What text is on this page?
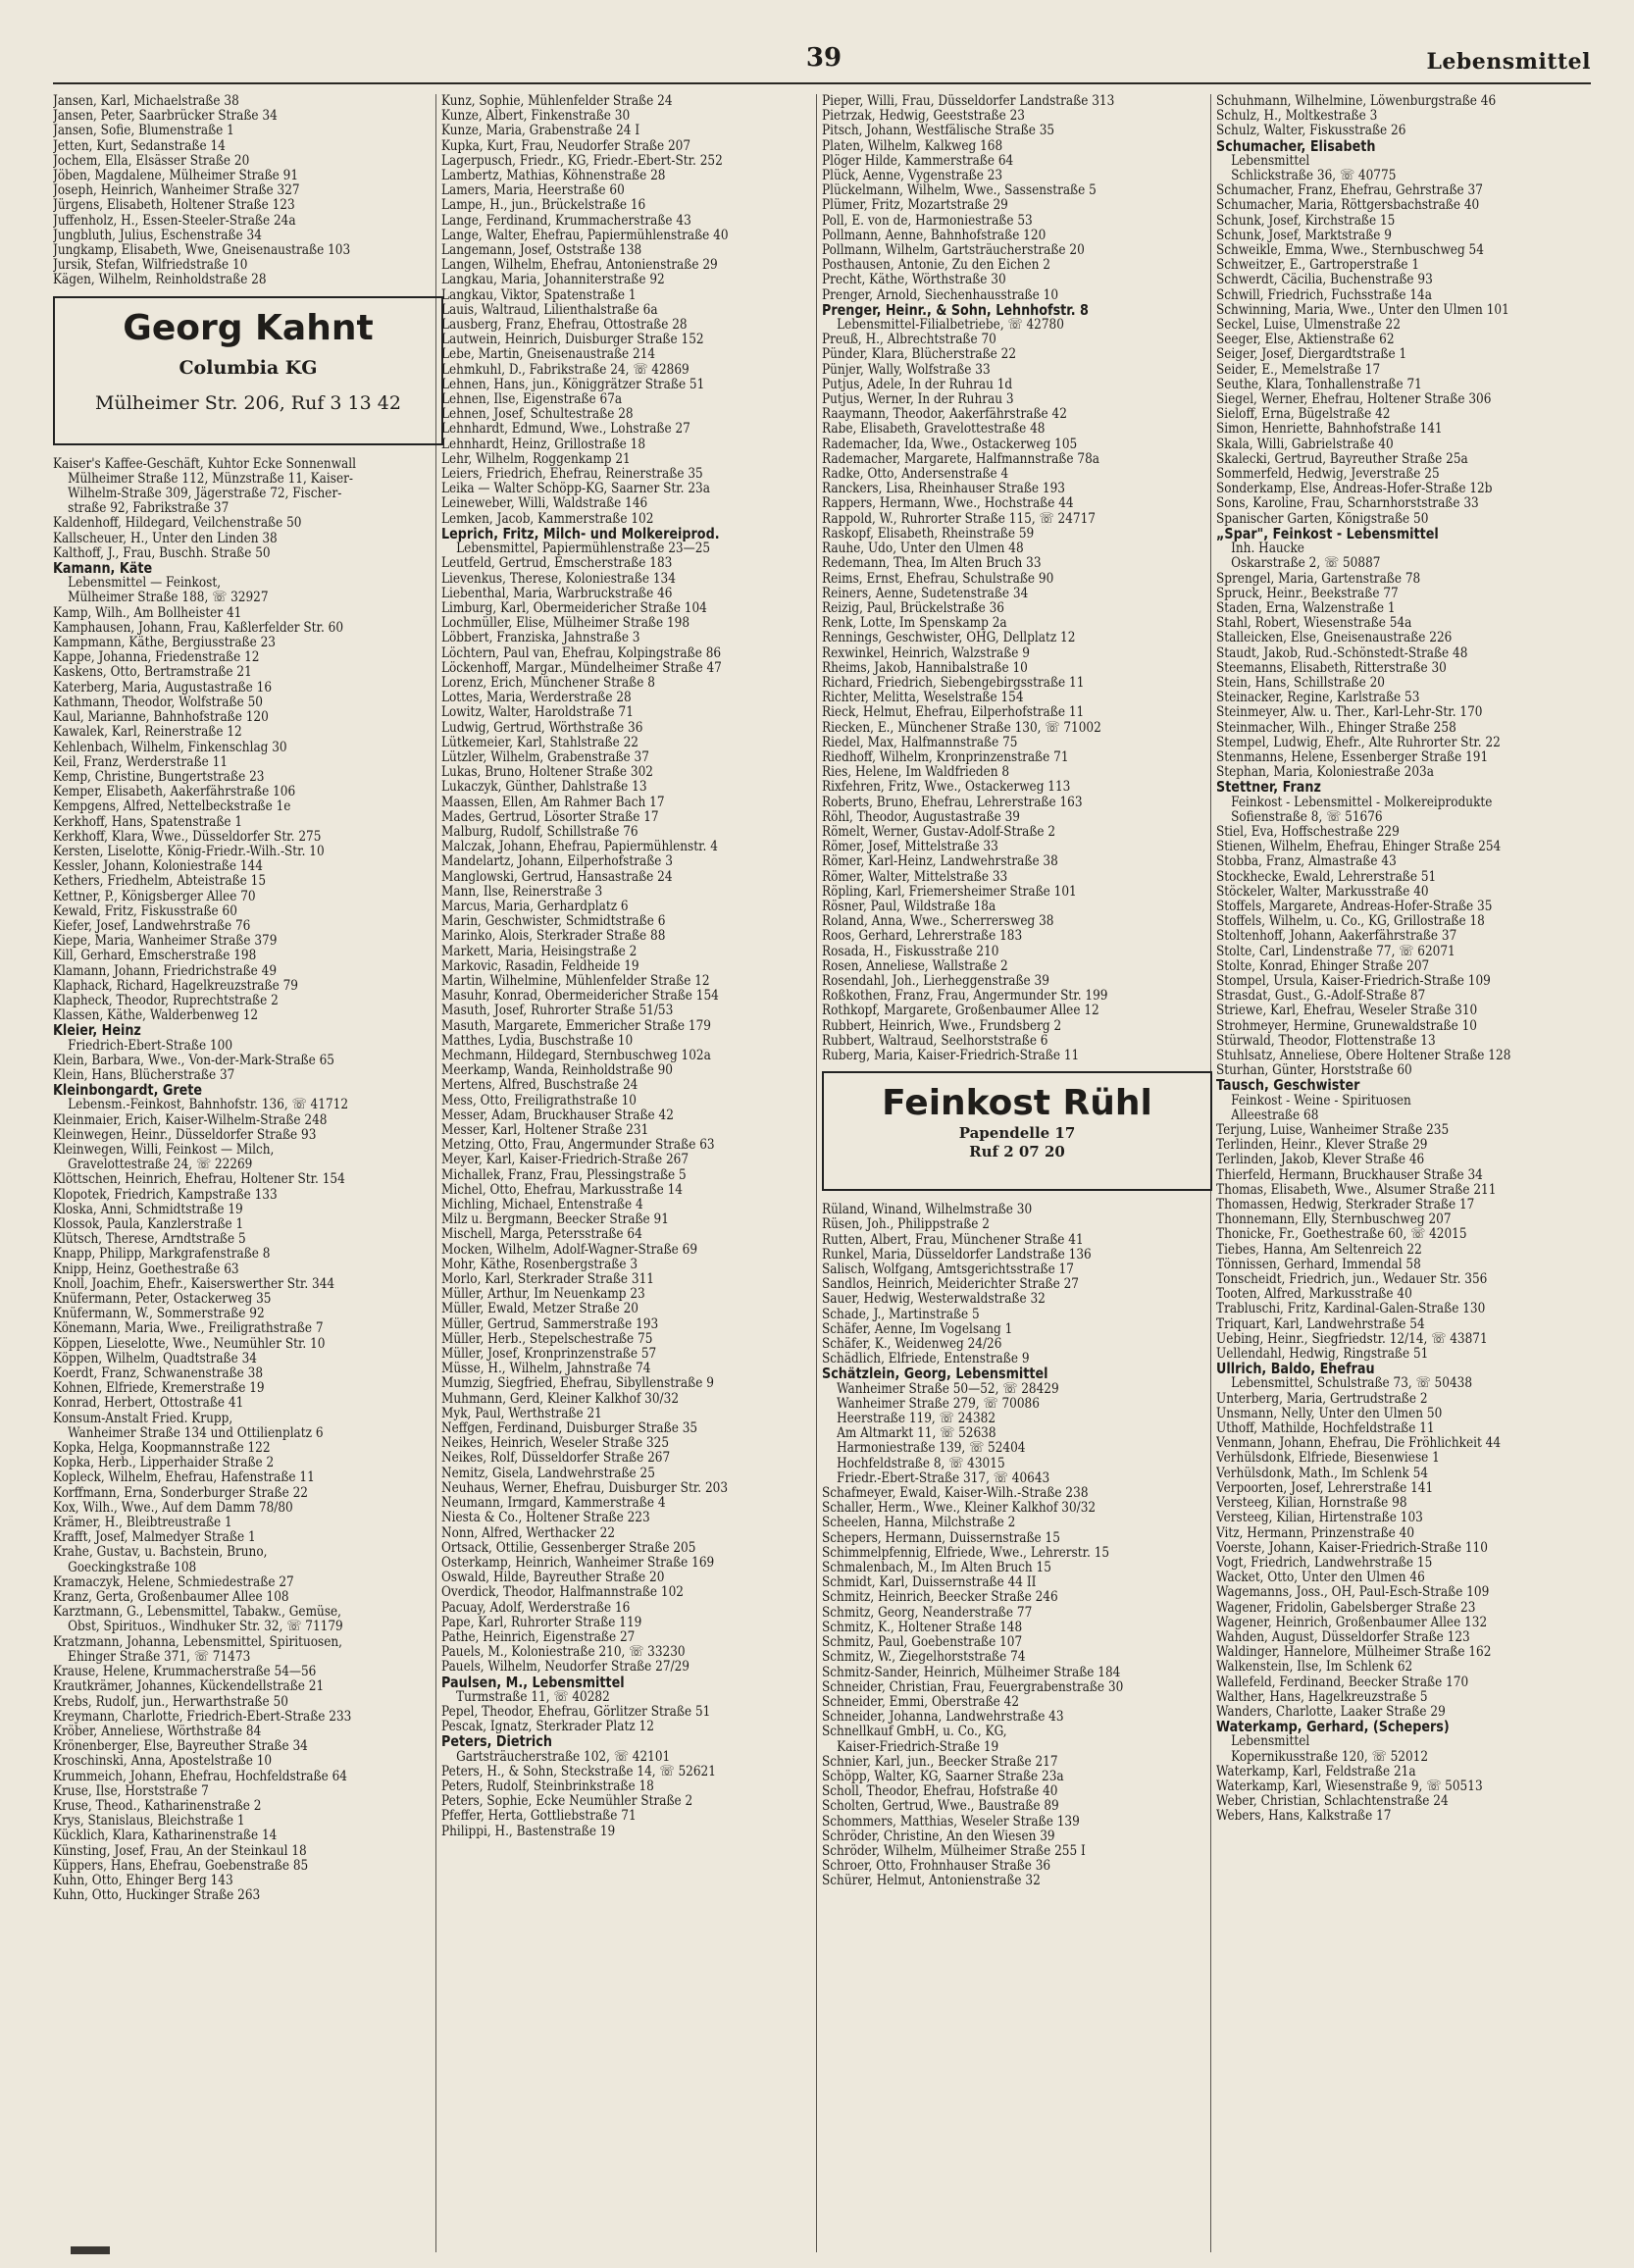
39	Lebensmittel
Jansen, Karl, Michaelstraße 38
Jansen, Peter, Saarbrücker Straße 34
Jansen, Sofie, Blumenstraße 1
Jetten, Kurt, Sedanstraße 14
Jochem, Ella, Elsässer Straße 20
Jöben, Magdalene, Mülheimer Straße 91
Joseph, Heinrich, Wanheimer Straße 327
Jürgens, Elisabeth, Holtener Straße 123
Juffenholz, H., Essen-Steeler-Straße 24a
Jungbluth, Julius, Eschenstraße 34
Jungkamp, Elisabeth, Wwe, Gneisenaustraße 103
Jursik, Stefan, Wilfriedstraße 10
Kägen, Wilhelm, Reinholdstraße 28
Georg Kahnt
Columbia KG
Mülheimer Str. 206, Ruf 3 13 42
Kaiser's Kaffee-Geschäft, Kuhtor Ecke Sonnenwall
Mülheimer Straße 112, Münzstraße 11, Kaiser-
Wilhelm-Straße 309, Jägerstraße 72, Fischer-
straße 92, Fabrikstraße 37
Kaldenhoff, Hildegard, Veilchenstraße 50
Kallscheuer, H., Unter den Linden 38
Kalthoff, J., Frau, Buschh. Straße 50
Kamann, Käte
Lebensmittel — Feinkost,
Mülheimer Straße 188, ☏ 32927
Kamp, Wilh., Am Bollheister 41
Kamphausen, Johann, Frau, Kaßlerfelder Str. 60
Kampmann, Käthe, Bergiusstraße 23
Kappe, Johanna, Friedenstraße 12
Kaskens, Otto, Bertramstraße 21
Katerberg, Maria, Augustastraße 16
Kathmann, Theodor, Wolfstraße 50
Kaul, Marianne, Bahnhofstraße 120
Kawalek, Karl, Reinerstraße 12
Kehlenbach, Wilhelm, Finkenschlag 30
Keil, Franz, Werderstraße 11
Kemp, Christine, Bungertstraße 23
Kemper, Elisabeth, Aakerfährstraße 106
Kempgens, Alfred, Nettelbeckstraße 1e
Kerkhoff, Hans, Spatenstraße 1
Kerkhoff, Klara, Wwe., Düsseldorfer Str. 275
Kersten, Liselotte, König-Friedr.-Wilh.-Str. 10
Kessler, Johann, Koloniestraße 144
Kethers, Friedhelm, Abteistraße 15
Kettner, P., Königsberger Allee 70
Kewald, Fritz, Fiskusstraße 60
Kiefer, Josef, Landwehrstraße 76
Kiepe, Maria, Wanheimer Straße 379
Kill, Gerhard, Emscherstraße 198
Klamann, Johann, Friedrichstraße 49
Klaphack, Richard, Hagelkreuzstraße 79
Klapheck, Theodor, Ruprechtstraße 2
Klassen, Käthe, Walderbenweg 12
Kleier, Heinz
Friedrich-Ebert-Straße 100
Klein, Barbara, Wwe., Von-der-Mark-Straße 65
Klein, Hans, Blücherstraße 37
Kleinbongardt, Grete
Lebensm.-Feinkost, Bahnhofstr. 136, ☏ 41712
Kleinmaier, Erich, Kaiser-Wilhelm-Straße 248
Kleinwegen, Heinr., Düsseldorfer Straße 93
Kleinwegen, Willi, Feinkost — Milch,
Gravelottestraße 24, ☏ 22269
Klöttschen, Heinrich, Ehefrau, Holtener Str. 154
Klopotek, Friedrich, Kampstraße 133
Kloska, Anni, Schmidtstraße 19
Klossok, Paula, Kanzlerstraße 1
Klütsch, Therese, Arndtstraße 5
Knapp, Philipp, Markgrafenstraße 8
Knipp, Heinz, Goethestraße 63
Knoll, Joachim, Ehefr., Kaiserswerther Str. 344
Knüfermann, Peter, Ostackerweg 35
Knüfermann, W., Sommerstraße 92
Könemann, Maria, Wwe., Freiligrathstraße 7
Köppen, Lieselotte, Wwe., Neumühler Str. 10
Köppen, Wilhelm, Quadtstraße 34
Koerdt, Franz, Schwanenstraße 38
Kohnen, Elfriede, Kremerstraße 19
Konrad, Herbert, Ottostraße 41
Konsum-Anstalt Fried. Krupp,
Wanheimer Straße 134 und Ottilienplatz 6
Kopka, Helga, Koopmannstraße 122
Kopka, Herb., Lipperhaider Straße 2
Kopleck, Wilhelm, Ehefrau, Hafenstraße 11
Korffmann, Erna, Sonderburger Straße 22
Kox, Wilh., Wwe., Auf dem Damm 78/80
Krämer, H., Bleibtreustraße 1
Krafft, Josef, Malmedyer Straße 1
Krahe, Gustav, u. Bachstein, Bruno,
Goeckingkstraße 108
Kramaczyk, Helene, Schmiedestraße 27
Kranz, Gerta, Großenbaumer Allee 108
Karztmann, G., Lebensmittel, Tabakw., Gemüse,
Obst, Spirituos., Windhuker Str. 32, ☏ 71179
Kratzmann, Johanna, Lebensmittel, Spirituosen,
Ehinger Straße 371, ☏ 71473
Krause, Helene, Krummacherstraße 54—56
Krautkrämer, Johannes, Kückendellstraße 21
Krebs, Rudolf, jun., Herwarthstraße 50
Kreymann, Charlotte, Friedrich-Ebert-Straße 233
Kröber, Anneliese, Wörthstraße 84
Krönenberger, Else, Bayreuther Straße 34
Kroschinski, Anna, Apostelstraße 10
Krummeich, Johann, Ehefrau, Hochfeldstraße 64
Kruse, Ilse, Horststraße 7
Kruse, Theod., Katharinenstraße 2
Krys, Stanislaus, Bleichstraße 1
Kücklich, Klara, Katharinenstraße 14
Künsting, Josef, Frau, An der Steinkaul 18
Küppers, Hans, Ehefrau, Goebenstraße 85
Kuhn, Otto, Ehinger Berg 143
Kuhn, Otto, Huckinger Straße 263
Kunz, Sophie, Mühlenfelder Straße 24
Kunze, Albert, Finkenstraße 30
Kunze, Maria, Grabenstraße 24 I
Kupka, Kurt, Frau, Neudorfer Straße 207
Lagerpusch, Friedr., KG, Friedr.-Ebert-Str. 252
Lambertz, Mathias, Köhnenstraße 28
Lamers, Maria, Heerstraße 60
Lampe, H., jun., Brückelstraße 16
Lange, Ferdinand, Krummacherstraße 43
Lange, Walter, Ehefrau, Papiermühlenstraße 40
Langemann, Josef, Oststraße 138
Langen, Wilhelm, Ehefrau, Antonienstraße 29
Langkau, Maria, Johanniterstraße 92
Langkau, Viktor, Spatenstraße 1
Lauis, Waltraud, Lilienthalstraße 6a
Lausberg, Franz, Ehefrau, Ottostraße 28
Lautwein, Heinrich, Duisburger Straße 152
Lebe, Martin, Gneisenaustraße 214
Lehmkuhl, D., Fabrikstraße 24, ☏ 42869
Lehnen, Hans, jun., Königgrätzer Straße 51
Lehnen, Ilse, Eigenstraße 67a
Lehnen, Josef, Schultestraße 28
Lehnhardt, Edmund, Wwe., Lohstraße 27
Lehnhardt, Heinz, Grillostraße 18
Lehr, Wilhelm, Roggenkamp 21
Leiers, Friedrich, Ehefrau, Reinerstraße 35
Leika — Walter Schöpp-KG, Saarner Str. 23a
Leineweber, Willi, Waldstraße 146
Lemken, Jacob, Kammerstraße 102
Leprich, Fritz, Milch- und Molkereiprod.
Lebensmittel, Papiermühlenstraße 23—25
Leutfeld, Gertrud, Emscherstraße 183
Lievenkus, Therese, Koloniestraße 134
Liebenthal, Maria, Warbruckstraße 46
Limburg, Karl, Obermeidericher Straße 104
Lochmüller, Elise, Mülheimer Straße 198
Löbbert, Franziska, Jahnstraße 3
Löchtern, Paul van, Ehefrau, Kolpingstraße 86
Löckenhoff, Margar., Mündelheimer Straße 47
Lorenz, Erich, Münchener Straße 8
Lottes, Maria, Werderstraße 28
Lowitz, Walter, Haroldstraße 71
Ludwig, Gertrud, Wörthstraße 36
Lütkemeier, Karl, Stahlstraße 22
Lützler, Wilhelm, Grabenstraße 37
Lukas, Bruno, Holtener Straße 302
Lukaczyk, Günther, Dahlstraße 13
Maassen, Ellen, Am Rahmer Bach 17
Mades, Gertrud, Lösorter Straße 17
Malburg, Rudolf, Schillstraße 76
Malczak, Johann, Ehefrau, Papiermühlenstr. 4
Mandelartz, Johann, Eilperhofstraße 3
Manglowski, Gertrud, Hansastraße 24
Mann, Ilse, Reinerstraße 3
Marcus, Maria, Gerhardplatz 6
Marin, Geschwister, Schmidtstraße 6
Marinko, Alois, Sterkrader Straße 88
Markett, Maria, Heisingstraße 2
Markovic, Rasadin, Feldheide 19
Martin, Wilhelmine, Mühlenfelder Straße 12
Masuhr, Konrad, Obermeidericher Straße 154
Masuth, Josef, Ruhrorter Straße 51/53
Masuth, Margarete, Emmericher Straße 179
Matthes, Lydia, Buschstraße 10
Mechmann, Hildegard, Sternbuschweg 102a
Meerkamp, Wanda, Reinholdstraße 90
Mertens, Alfred, Buschstraße 24
Mess, Otto, Freiligrathstraße 10
Messer, Adam, Bruckhauser Straße 42
Messer, Karl, Holtener Straße 231
Metzing, Otto, Frau, Angermunder Straße 63
Meyer, Karl, Kaiser-Friedrich-Straße 267
Michallek, Franz, Frau, Plessingstraße 5
Michel, Otto, Ehefrau, Markusstraße 14
Michling, Michael, Entenstraße 4
Milz u. Bergmann, Beecker Straße 91
Mischell, Marga, Petersstraße 64
Mocken, Wilhelm, Adolf-Wagner-Straße 69
Mohr, Käthe, Rosenbergstraße 3
Morlo, Karl, Sterkrader Straße 311
Müller, Arthur, Im Neuenkamp 23
Müller, Ewald, Metzer Straße 20
Müller, Gertrud, Sammerstraße 193
Müller, Herb., Stepelschestraße 75
Müller, Josef, Kronprinzenstraße 57
Müsse, H., Wilhelm, Jahnstraße 74
Mumzig, Siegfried, Ehefrau, Sibyllenstraße 9
Muhmann, Gerd, Kleiner Kalkhof 30/32
Myk, Paul, Werthstraße 21
Neffgen, Ferdinand, Duisburger Straße 35
Neikes, Heinrich, Weseler Straße 325
Neikes, Rolf, Düsseldorfer Straße 267
Nemitz, Gisela, Landwehrstraße 25
Neuhaus, Werner, Ehefrau, Duisburger Str. 203
Neumann, Irmgard, Kammerstraße 4
Niesta & Co., Holtener Straße 223
Nonn, Alfred, Werthacker 22
Ortsack, Ottilie, Gessenberger Straße 205
Osterkamp, Heinrich, Wanheimer Straße 169
Oswald, Hilde, Bayreuther Straße 20
Overdick, Theodor, Halfmannstraße 102
Pacuay, Adolf, Werderstraße 16
Pape, Karl, Ruhrorter Straße 119
Pathe, Heinrich, Eigenstraße 27
Pauels, M., Koloniestraße 210, ☏ 33230
Pauels, Wilhelm, Neudorfer Straße 27/29
Paulsen, M., Lebensmittel
Turmstraße 11, ☏ 40282
Pepel, Theodor, Ehefrau, Görlitzer Straße 51
Pescak, Ignatz, Sterkrader Platz 12
Peters, Dietrich
Gartsträucherstraße 102, ☏ 42101
Peters, H., & Sohn, Steckstraße 14, ☏ 52621
Peters, Rudolf, Steinbrinkstraße 18
Peters, Sophie, Ecke Neumühler Straße 2
Pfeffer, Herta, Gottliebstraße 71
Philippi, H., Bastenstraße 19
Pieper, Willi, Frau, Düsseldorfer Landstraße 313
Pietrzak, Hedwig, Geeststraße 23
Pitsch, Johann, Westfälische Straße 35
Platen, Wilhelm, Kalkweg 168
Plöger Hilde, Kammerstraße 64
Plück, Aenne, Vygenstraße 23
Plückelmann, Wilhelm, Wwe., Sassenstraße 5
Plümer, Fritz, Mozartstraße 29
Poll, E. von de, Harmoniestraße 53
Pollmann, Aenne, Bahnhofstraße 120
Pollmann, Wilhelm, Gartsträucherstraße 20
Posthausen, Antonie, Zu den Eichen 2
Precht, Käthe, Wörthstraße 30
Prenger, Arnold, Siechenhausstraße 10
Prenger, Heinr., & Sohn, Lehnhofstr. 8
Lebensmittel-Filialbetriebe, ☏ 42780
Preuß, H., Albrechtstraße 70
Pünder, Klara, Blücherstraße 22
Pünjer, Wally, Wolfstraße 33
Putjus, Adele, In der Ruhrau 1d
Putjus, Werner, In der Ruhrau 3
Raaymann, Theodor, Aakerfährstraße 42
Rabe, Elisabeth, Gravelottestraße 48
Rademacher, Ida, Wwe., Ostackerweg 105
Rademacher, Margarete, Halfmannstraße 78a
Radke, Otto, Andersenstraße 4
Ranckers, Lisa, Rheinhauser Straße 193
Rappers, Hermann, Wwe., Hochstraße 44
Rappold, W., Ruhrorter Straße 115, ☏ 24717
Raskopf, Elisabeth, Rheinstraße 59
Rauhe, Udo, Unter den Ulmen 48
Redemann, Thea, Im Alten Bruch 33
Reims, Ernst, Ehefrau, Schulstraße 90
Reiners, Aenne, Sudetenstraße 34
Reizig, Paul, Brückelstraße 36
Renk, Lotte, Im Spenskamp 2a
Rennings, Geschwister, OHG, Dellplatz 12
Rexwinkel, Heinrich, Walzstraße 9
Rheims, Jakob, Hannibalstraße 10
Richard, Friedrich, Siebengebirgsstraße 11
Richter, Melitta, Weselstraße 154
Rieck, Helmut, Ehefrau, Eilperhofstraße 11
Riecken, E., Münchener Straße 130, ☏ 71002
Riedel, Max, Halfmannstraße 75
Riedhoff, Wilhelm, Kronprinzenstraße 71
Ries, Helene, Im Waldfrieden 8
Rixfehren, Fritz, Wwe., Ostackerweg 113
Roberts, Bruno, Ehefrau, Lehrerstraße 163
Röhl, Theodor, Augustastraße 39
Römelt, Werner, Gustav-Adolf-Straße 2
Römer, Josef, Mittelstraße 33
Römer, Karl-Heinz, Landwehrstraße 38
Römer, Walter, Mittelstraße 33
Röpling, Karl, Friemersheimer Straße 101
Rösner, Paul, Wildstraße 18a
Roland, Anna, Wwe., Scherrersweg 38
Roos, Gerhard, Lehrerstraße 183
Rosada, H., Fiskusstraße 210
Rosen, Anneliese, Wallstraße 2
Rosendahl, Joh., Lierheggenstraße 39
Roßkothen, Franz, Frau, Angermunder Str. 199
Rothkopf, Margarete, Großenbaumer Allee 12
Rubbert, Heinrich, Wwe., Frundsberg 2
Rubbert, Waltraud, Seelhorststraße 6
Ruberg, Maria, Kaiser-Friedrich-Straße 11
Feinkost Rühl
Papendelle 17
Ruf 2 07 20
Rüland, Winand, Wilhelmstraße 30
Rüsen, Joh., Philippstraße 2
Rutten, Albert, Frau, Münchener Straße 41
Runkel, Maria, Düsseldorfer Landstraße 136
Salisch, Wolfgang, Amtsgerichtsstraße 17
Sandlos, Heinrich, Meiderichter Straße 27
Sauer, Hedwig, Westerwaldstraße 32
Schade, J., Martinstraße 5
Schäfer, Aenne, Im Vogelsang 1
Schäfer, K., Weidenweg 24/26
Schädlich, Elfriede, Entenstraße 9
Schätzlein, Georg, Lebensmittel
Wanheimer Straße 50—52, ☏ 28429
Wanheimer Straße 279, ☏ 70086
Heerstraße 119, ☏ 24382
Am Altmarkt 11, ☏ 52638
Harmoniestraße 139, ☏ 52404
Hochfeldstraße 8, ☏ 43015
Friedr.-Ebert-Straße 317, ☏ 40643
Schafmeyer, Ewald, Kaiser-Wilh.-Straße 238
Schaller, Herm., Wwe., Kleiner Kalkhof 30/32
Scheelen, Hanna, Milchstraße 2
Schepers, Hermann, Duissernstraße 15
Schimmelpfennig, Elfriede, Wwe., Lehrerstr. 15
Schmalenbach, M., Im Alten Bruch 15
Schmidt, Karl, Duissernstraße 44 II
Schmitz, Heinrich, Beecker Straße 246
Schmitz, Georg, Neanderstraße 77
Schmitz, K., Holtener Straße 148
Schmitz, Paul, Goebenstraße 107
Schmitz, W., Ziegelhorststraße 74
Schmitz-Sander, Heinrich, Mülheimer Straße 184
Schneider, Christian, Frau, Feuergrabenstraße 30
Schneider, Emmi, Oberstraße 42
Schneider, Johanna, Landwehrstraße 43
Schnellkauf GmbH, u. Co., KG,
Kaiser-Friedrich-Straße 19
Schnier, Karl, jun., Beecker Straße 217
Schöpp, Walter, KG, Saarner Straße 23a
Scholl, Theodor, Ehefrau, Hofstraße 40
Scholten, Gertrud, Wwe., Baustraße 89
Schommers, Matthias, Weseler Straße 139
Schröder, Christine, An den Wiesen 39
Schröder, Wilhelm, Mülheimer Straße 255 I
Schroer, Otto, Frohnhauser Straße 36
Schürer, Helmut, Antonienstraße 32
Schuhmann, Wilhelmine, Löwenburgstraße 46
Schulz, H., Moltkestraße 3
Schulz, Walter, Fiskusstraße 26
Schumacher, Elisabeth
Lebensmittel
Schlickstraße 36, ☏ 40775
Schumacher, Franz, Ehefrau, Gehrstraße 37
Schumacher, Maria, Röttgersbachstraße 40
Schunk, Josef, Kirchstraße 15
Schunk, Josef, Marktstraße 9
Schweikle, Emma, Wwe., Sternbuschweg 54
Schweitzer, E., Gartroperstraße 1
Schwerdt, Cäcilia, Buchenstraße 93
Schwill, Friedrich, Fuchsstraße 14a
Schwinning, Maria, Wwe., Unter den Ulmen 101
Seckel, Luise, Ulmenstraße 22
Seeger, Else, Aktienstraße 62
Seiger, Josef, Diergardtstraße 1
Seider, E., Memelstraße 17
Seuthe, Klara, Tonhallenstraße 71
Siegel, Werner, Ehefrau, Holtener Straße 306
Sieloff, Erna, Bügelstraße 42
Simon, Henriette, Bahnhofstraße 141
Skala, Willi, Gabrielstraße 40
Skalecki, Gertrud, Bayreuther Straße 25a
Sommerfeld, Hedwig, Jeverstraße 25
Sonderkamp, Else, Andreas-Hofer-Straße 12b
Sons, Karoline, Frau, Scharnhorststraße 33
Spanischer Garten, Königstraße 50
„Spar", Feinkost - Lebensmittel
Inh. Haucke
Oskarstraße 2, ☏ 50887
Sprengel, Maria, Gartenstraße 78
Spruck, Heinr., Beekstraße 77
Staden, Erna, Walzenstraße 1
Stahl, Robert, Wiesenstraße 54a
Stalleicken, Else, Gneisenaustraße 226
Staudt, Jakob, Rud.-Schönstedt-Straße 48
Steemanns, Elisabeth, Ritterstraße 30
Stein, Hans, Schillstraße 20
Steinacker, Regine, Karlstraße 53
Steinmeyer, Alw. u. Ther., Karl-Lehr-Str. 170
Steinmacher, Wilh., Ehinger Straße 258
Stempel, Ludwig, Ehefr., Alte Ruhrorter Str. 22
Stenmanns, Helene, Essenberger Straße 191
Stephan, Maria, Koloniestraße 203a
Stettner, Franz
Feinkost - Lebensmittel - Molkereiprodukte
Sofienstraße 8, ☏ 51676
Stiel, Eva, Hoffschestraße 229
Stienen, Wilhelm, Ehefrau, Ehinger Straße 254
Stobba, Franz, Almastraße 43
Stockhecke, Ewald, Lehrerstraße 51
Stöckeler, Walter, Markusstraße 40
Stoffels, Margarete, Andreas-Hofer-Straße 35
Stoffels, Wilhelm, u. Co., KG, Grillostraße 18
Stoltenhoff, Johann, Aakerfährstraße 37
Stolte, Carl, Lindenstraße 77, ☏ 62071
Stolte, Konrad, Ehinger Straße 207
Stompel, Ursula, Kaiser-Friedrich-Straße 109
Strasdat, Gust., G.-Adolf-Straße 87
Striewe, Karl, Ehefrau, Weseler Straße 310
Strohmeyer, Hermine, Grunewaldstraße 10
Stürwald, Theodor, Flottenstraße 13
Stuhlsatz, Anneliese, Obere Holtener Straße 128
Sturhan, Günter, Horststraße 60
Tausch, Geschwister
Feinkost - Weine - Spirituosen
Alleestraße 68
Terjung, Luise, Wanheimer Straße 235
Terlinden, Heinr., Klever Straße 29
Terlinden, Jakob, Klever Straße 46
Thierfeld, Hermann, Bruckhauser Straße 34
Thomas, Elisabeth, Wwe., Alsumer Straße 211
Thomassen, Hedwig, Sterkrader Straße 17
Thonnemann, Elly, Sternbuschweg 207
Thonicke, Fr., Goethestraße 60, ☏ 42015
Tiebes, Hanna, Am Seltenreich 22
Tönnissen, Gerhard, Immendal 58
Tonscheidt, Friedrich, jun., Wedauer Str. 356
Tooten, Alfred, Markusstraße 40
Trabluschi, Fritz, Kardinal-Galen-Straße 130
Triquart, Karl, Landwehrstraße 54
Uebing, Heinr., Siegfriedstr. 12/14, ☏ 43871
Uellendahl, Hedwig, Ringstraße 51
Ullrich, Baldo, Ehefrau
Lebensmittel, Schulstraße 73, ☏ 50438
Unterberg, Maria, Gertrudstraße 2
Unsmann, Nelly, Unter den Ulmen 50
Uthoff, Mathilde, Hochfeldstraße 11
Venmann, Johann, Ehefrau, Die Fröhlichkeit 44
Verhülsdonk, Elfriede, Biesenwiese 1
Verhülsdonk, Math., Im Schlenk 54
Verpoorten, Josef, Lehrerstraße 141
Versteeg, Kilian, Hornstraße 98
Versteeg, Kilian, Hirtenstraße 103
Vitz, Hermann, Prinzenstraße 40
Voerste, Johann, Kaiser-Friedrich-Straße 110
Vogt, Friedrich, Landwehrstraße 15
Wacket, Otto, Unter den Ulmen 46
Wagemanns, Joss., OH, Paul-Esch-Straße 109
Wagener, Fridolin, Gabelsberger Straße 23
Wagener, Heinrich, Großenbaumer Allee 132
Wahden, August, Düsseldorfer Straße 123
Waldinger, Hannelore, Mülheimer Straße 162
Walkenstein, Ilse, Im Schlenk 62
Wallefeld, Ferdinand, Beecker Straße 170
Walther, Hans, Hagelkreuzstraße 5
Wanders, Charlotte, Laaker Straße 29
Waterkamp, Gerhard, (Schepers)
Lebensmittel
Kopernikusstraße 120, ☏ 52012
Waterkamp, Karl, Feldstraße 21a
Waterkamp, Karl, Wiesenstraße 9, ☏ 50513
Weber, Christian, Schlachtenstraße 24
Webers, Hans, Kalkstraße 17
